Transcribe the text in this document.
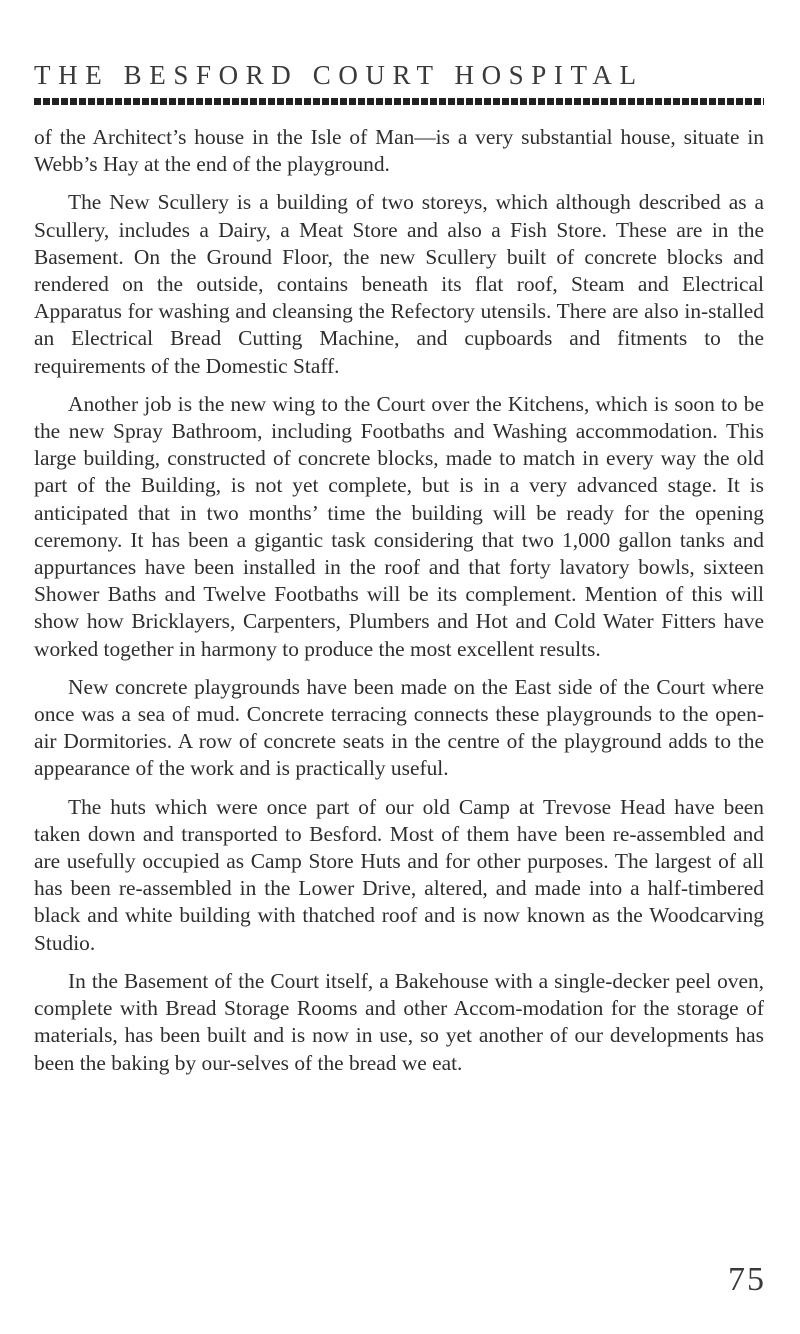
THE BESFORD COURT HOSPITAL

of the Architect’s house in the Isle of Man—is a very substantial house, situate in Webb’s Hay at the end of the playground.

The New Scullery is a building of two storeys, which although described as a Scullery, includes a Dairy, a Meat Store and also a Fish Store. These are in the Basement. On the Ground Floor, the new Scullery built of concrete blocks and rendered on the outside, contains beneath its flat roof, Steam and Electrical Apparatus for washing and cleansing the Refectory utensils. There are also in-stalled an Electrical Bread Cutting Machine, and cupboards and fitments to the requirements of the Domestic Staff.

Another job is the new wing to the Court over the Kitchens, which is soon to be the new Spray Bathroom, including Footbaths and Washing accommodation. This large building, constructed of concrete blocks, made to match in every way the old part of the Building, is not yet complete, but is in a very advanced stage. It is anticipated that in two months’ time the building will be ready for the opening ceremony. It has been a gigantic task considering that two 1,000 gallon tanks and appurtances have been installed in the roof and that forty lavatory bowls, sixteen Shower Baths and Twelve Footbaths will be its complement. Mention of this will show how Bricklayers, Carpenters, Plumbers and Hot and Cold Water Fitters have worked together in harmony to produce the most excellent results.

New concrete playgrounds have been made on the East side of the Court where once was a sea of mud. Concrete terracing connects these playgrounds to the open-air Dormitories. A row of concrete seats in the centre of the playground adds to the appearance of the work and is practically useful.

The huts which were once part of our old Camp at Trevose Head have been taken down and transported to Besford. Most of them have been re-assembled and are usefully occupied as Camp Store Huts and for other purposes. The largest of all has been re-assembled in the Lower Drive, altered, and made into a half-timbered black and white building with thatched roof and is now known as the Woodcarving Studio.

In the Basement of the Court itself, a Bakehouse with a single-decker peel oven, complete with Bread Storage Rooms and other Accom-modation for the storage of materials, has been built and is now in use, so yet another of our developments has been the baking by our-selves of the bread we eat.

75
